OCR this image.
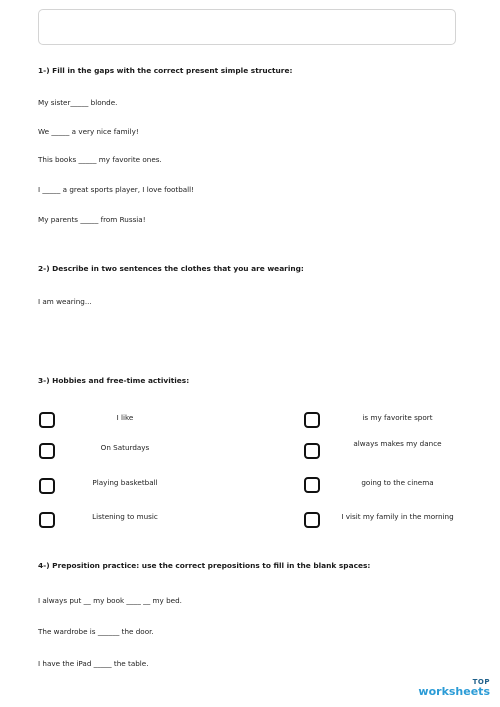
1-) Fill in the gaps with the correct present simple structure:
My sister_____ blonde.
We _____ a very nice family!
This books _____ my favorite ones.
I _____ a great sports player, I love football!
My parents _____ from Russia!
2-) Describe in two sentences the clothes that you are wearing:
I am wearing...
3-) Hobbies and free-time activities:
I like	is my favorite sport
On Saturdays	always makes my dance
Playing basketball	going to the cinema
Listening to music	I visit my family in the morning
4-) Preposition practice: use the correct prepositions to fill in the blank spaces:
I always put __ my book ____ __ my bed.
The wardrobe is ______ the door.
I have the iPad _____ the table.
TOP
worksheets
